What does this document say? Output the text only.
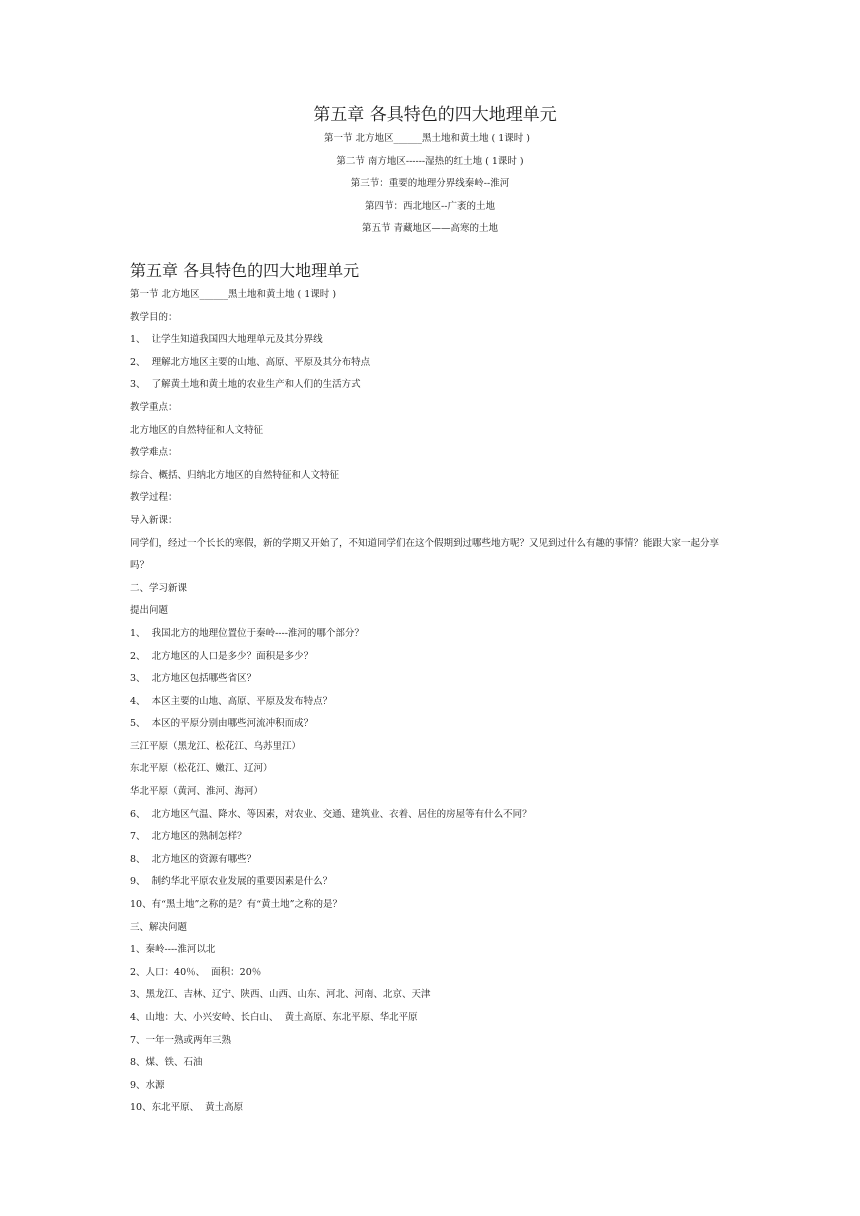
第五章 各具特色的四大地理单元
第一节 北方地区______黑土地和黄土地 ( 1课时 )
第二节 南方地区------湿热的红土地 ( 1课时 )
第三节：重要的地理分界线秦岭--淮河
第四节：西北地区--广袤的土地
第五节 青藏地区——高寒的土地
第五章 各具特色的四大地理单元
第一节 北方地区______黑土地和黄土地 ( 1课时 )
教学目的：
1、  让学生知道我国四大地理单元及其分界线
2、  理解北方地区主要的山地、高原、平原及其分布特点
3、  了解黄土地和黄土地的农业生产和人们的生活方式
教学重点：
北方地区的自然特征和人文特征
教学难点：
综合、概括、归纳北方地区的自然特征和人文特征
教学过程：
导入新课：
同学们，经过一个长长的寒假，新的学期又开始了，不知道同学们在这个假期到过哪些地方呢？又见到过什么有趣的事情？能跟大家一起分享吗？
二、学习新课
提出问题
1、  我国北方的地理位置位于秦岭----淮河的哪个部分？
2、  北方地区的人口是多少？面积是多少？
3、  北方地区包括哪些省区？
4、  本区主要的山地、高原、平原及发布特点？
5、  本区的平原分别由哪些河流冲积而成？
三江平原（黑龙江、松花江、乌苏里江）
东北平原（松花江、嫩江、辽河）
华北平原（黄河、淮河、海河）
6、  北方地区气温、降水、等因素，对农业、交通、建筑业、衣着、居住的房屋等有什么不同？
7、  北方地区的熟制怎样？
8、  北方地区的资源有哪些？
9、  制约华北平原农业发展的重要因素是什么？
10、有“黑土地”之称的是？有“黄土地”之称的是？
三、解决问题
1、秦岭----淮河以北
2、人口：40％、  面积：20％
3、黑龙江、吉林、辽宁、陕西、山西、山东、河北、河南、北京、天津
4、山地：大、小兴安岭、长白山、  黄土高原、东北平原、华北平原
7、一年一熟或两年三熟
8、煤、铁、石油
9、水源
10、东北平原、  黄土高原
